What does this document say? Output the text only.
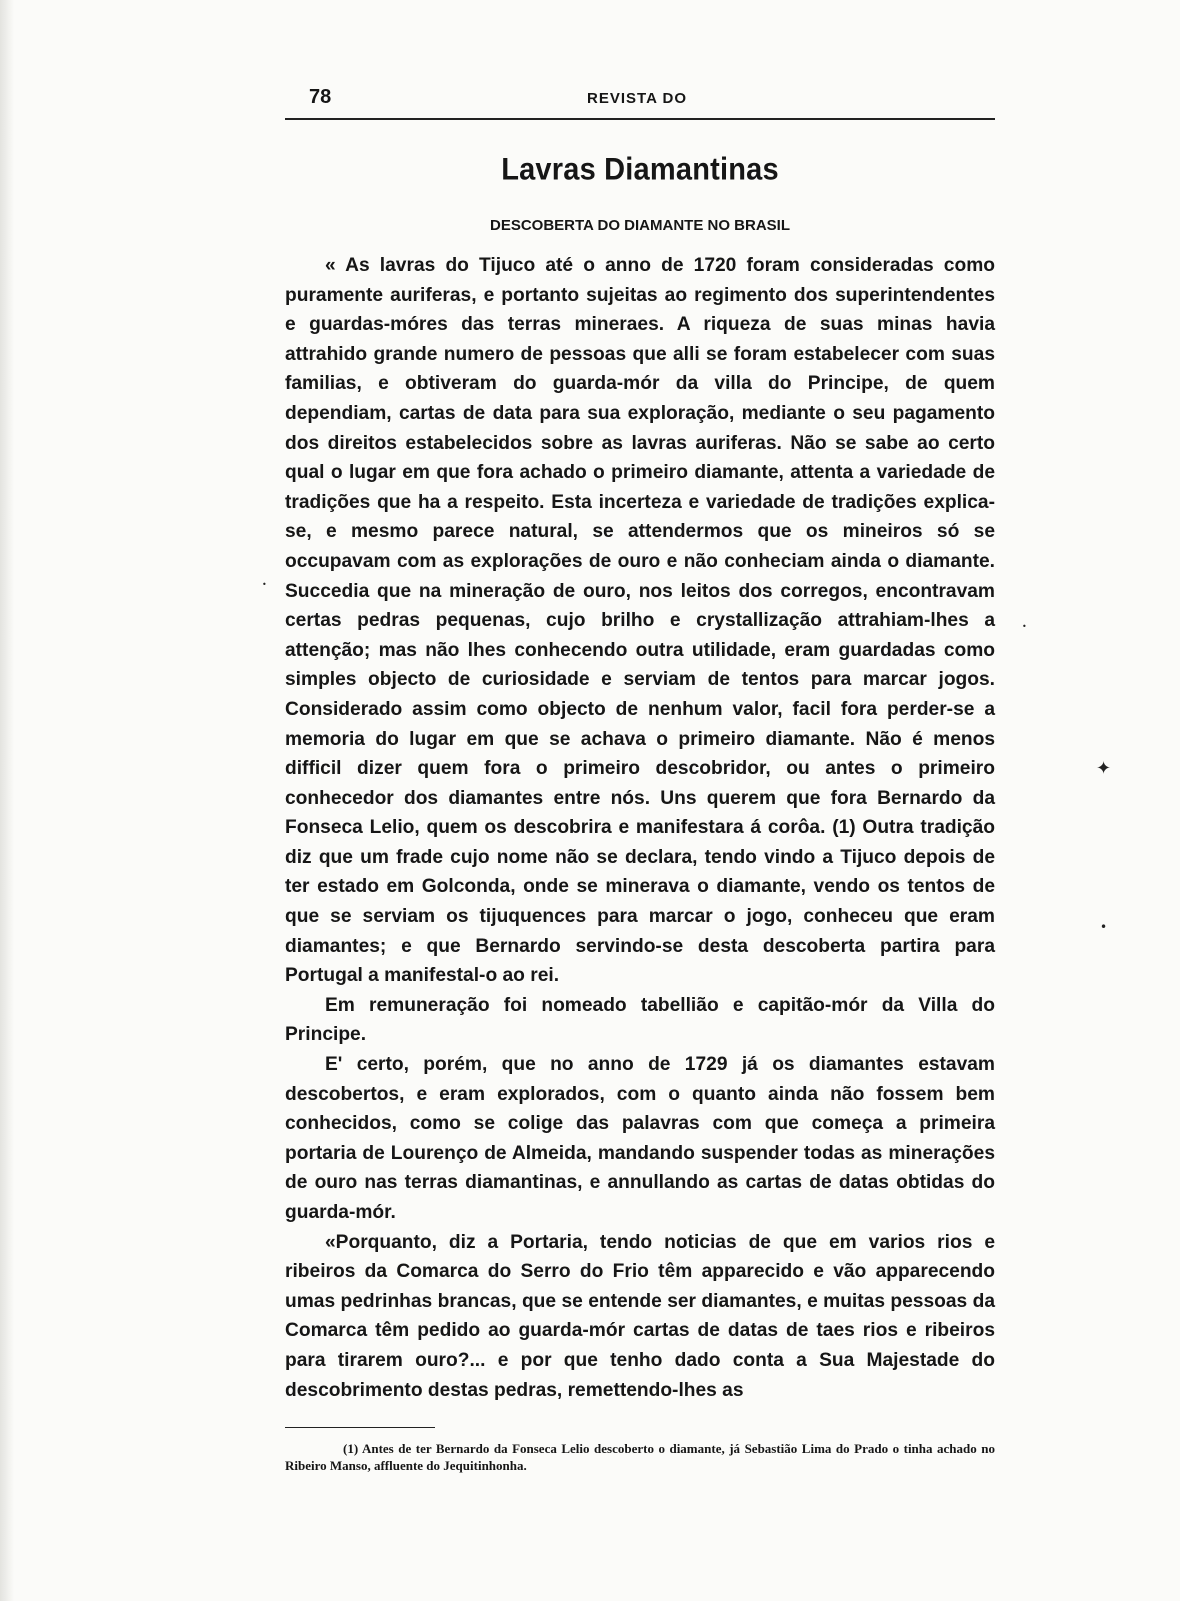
78	REVISTA DO
Lavras Diamantinas
DESCOBERTA DO DIAMANTE NO BRASIL

« As lavras do Tijuco até o anno de 1720 foram consideradas como puramente auriferas, e portanto sujeitas ao regimento dos superintendentes e guardas-móres das terras mineraes. A riqueza de suas minas havia attrahido grande numero de pessoas que alli se foram estabelecer com suas familias, e obtiveram do guarda-mór da villa do Principe, de quem dependiam, cartas de data para sua exploração, mediante o seu pagamento dos direitos estabelecidos sobre as lavras auriferas. Não se sabe ao certo qual o lugar em que fora achado o primeiro diamante, attenta a variedade de tradições que ha a respeito. Esta incerteza e variedade de tradições explica-se, e mesmo parece natural, se attendermos que os mineiros só se occupavam com as explorações de ouro e não conheciam ainda o diamante. Succedia que na mineração de ouro, nos leitos dos corregos, encontravam certas pedras pequenas, cujo brilho e crystallização attrahiam-lhes a attenção; mas não lhes conhecendo outra utilidade, eram guardadas como simples objecto de curiosidade e serviam de tentos para marcar jogos. Considerado assim como objecto de nenhum valor, facil fora perder-se a memoria do lugar em que se achava o primeiro diamante. Não é menos difficil dizer quem fora o primeiro descobridor, ou antes o primeiro conhecedor dos diamantes entre nós. Uns querem que fora Bernardo da Fonseca Lelio, quem os descobrira e manifestara á corôa. (1) Outra tradição diz que um frade cujo nome não se declara, tendo vindo a Tijuco depois de ter estado em Golconda, onde se minerava o diamante, vendo os tentos de que se serviam os tijuquences para marcar o jogo, conheceu que eram diamantes; e que Bernardo servindo-se desta descoberta partira para Portugal a manifestal-o ao rei.

Em remuneração foi nomeado tabellião e capitão-mór da Villa do Principe.

E' certo, porém, que no anno de 1729 já os diamantes estavam descobertos, e eram explorados, com o quanto ainda não fossem bem conhecidos, como se colige das palavras com que começa a primeira portaria de Lourenço de Almeida, mandando suspender todas as minerações de ouro nas terras diamantinas, e annullando as cartas de datas obtidas do guarda-mór.

«Porquanto, diz a Portaria, tendo noticias de que em varios rios e ribeiros da Comarca do Serro do Frio têm apparecido e vão apparecendo umas pedrinhas brancas, que se entende ser diamantes, e muitas pessoas da Comarca têm pedido ao guarda-mór cartas de datas de taes rios e ribeiros para tirarem ouro?... e por que tenho dado conta a Sua Majestade do descobrimento destas pedras, remettendo-lhes as

(1) Antes de ter Bernardo da Fonseca Lelio descoberto o diamante, já Sebastião Lima do Prado o tinha achado no Ribeiro Manso, affluente do Jequitinhonha.
✦
•
•
•
